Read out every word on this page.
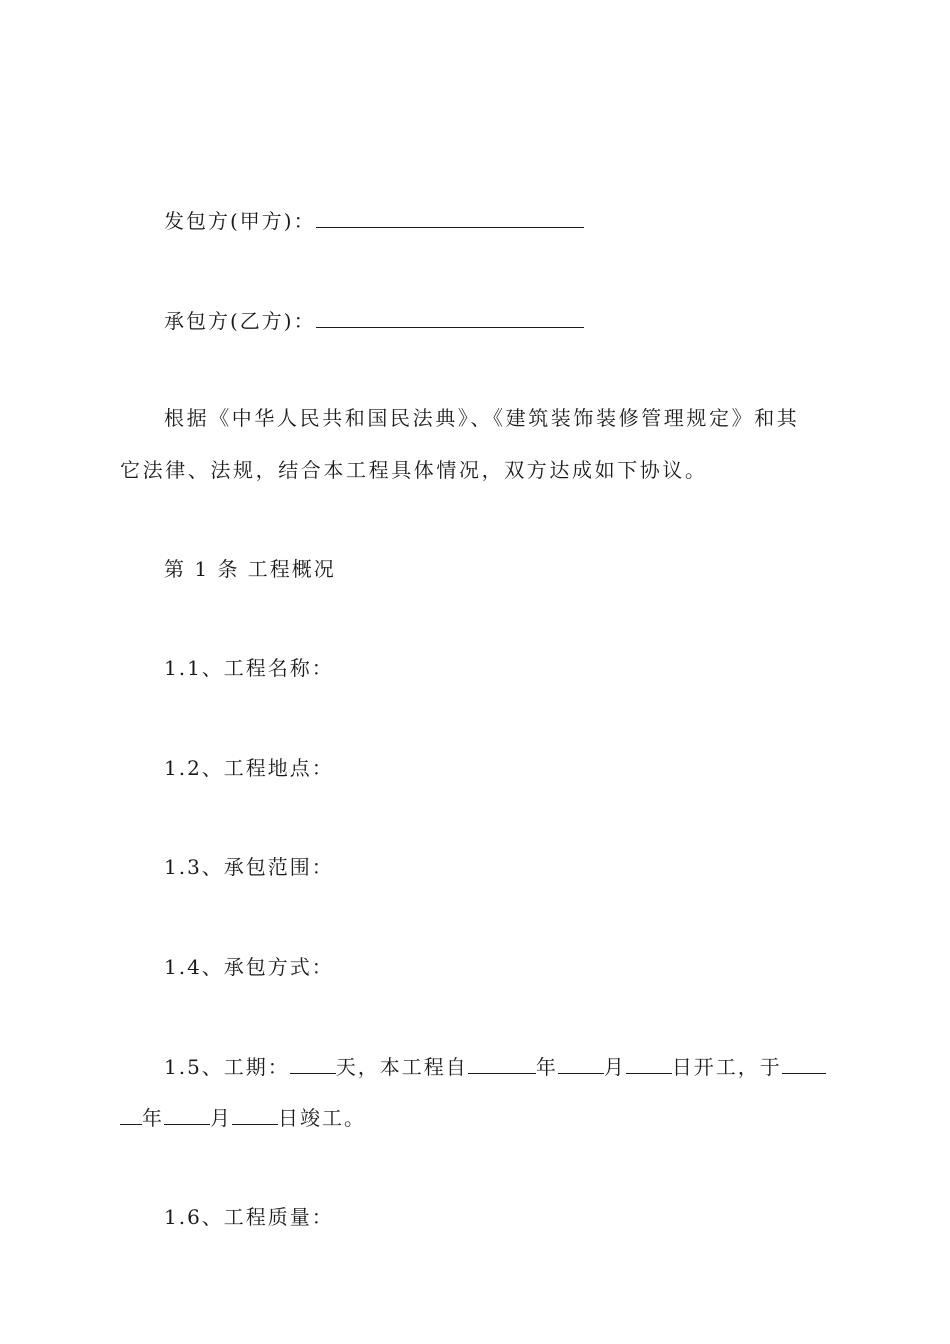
发包方(甲方)：
承包方(乙方)：
根据《中华人民共和国民法典》、《建筑装饰装修管理规定》和其
它法律、法规，结合本工程具体情况，双方达成如下协议。
第 1 条 工程概况
1.1、工程名称：
1.2、工程地点：
1.3、承包范围：
1.4、承包方式：
1.5、工期： 天，本工程自	年 月 日开工，于
年 月 日竣工。
1.6、工程质量：
